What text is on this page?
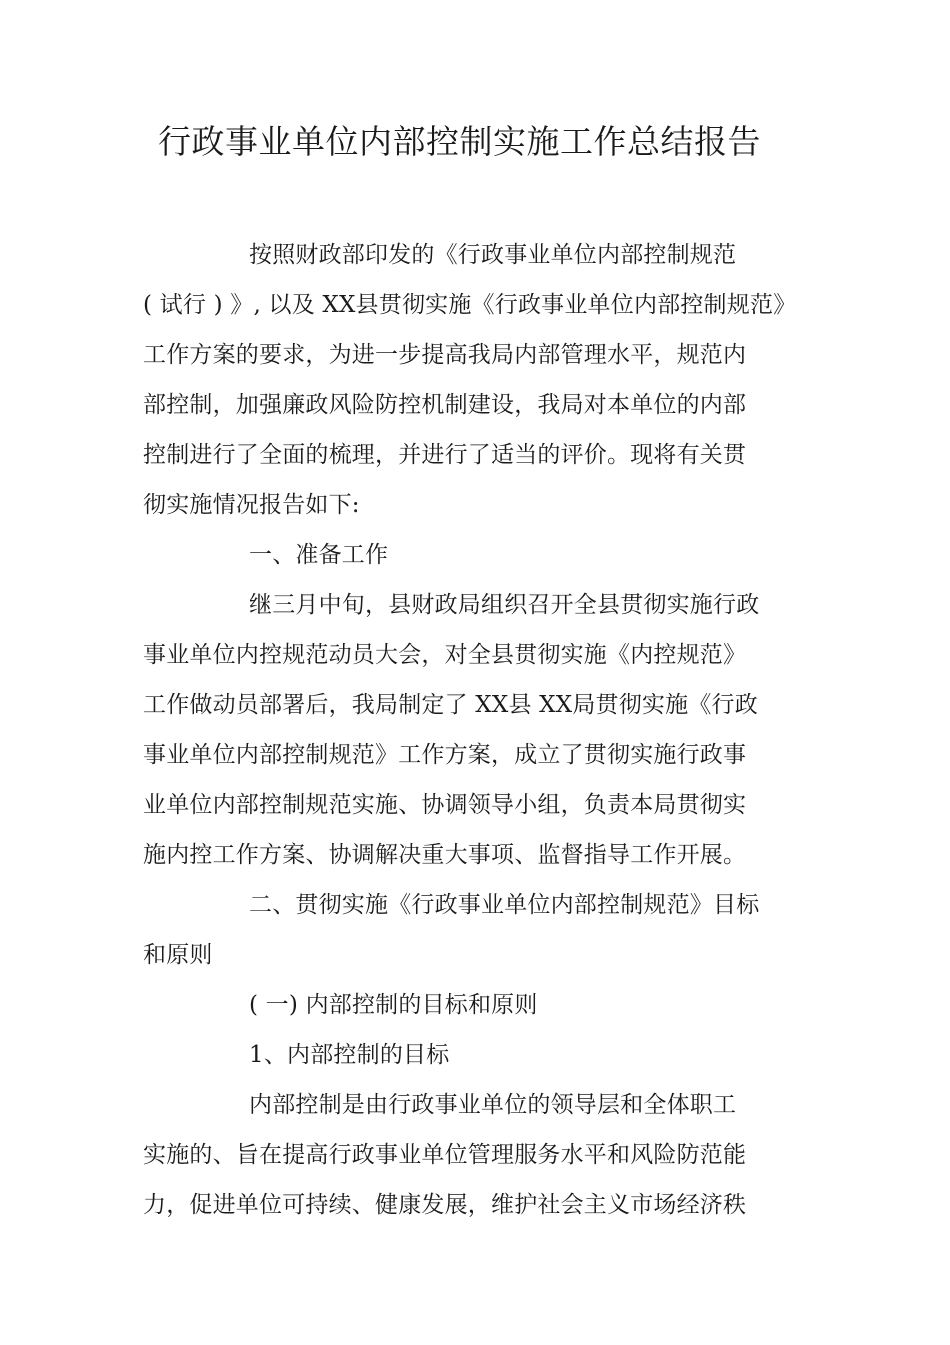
行政事业单位内部控制实施工作总结报告
按照财政部印发的《行政事业单位内部控制规范
( 试行 ) 》, 以及 XX县贯彻实施《行政事业单位内部控制规范》
工作方案的要求，为进一步提高我局内部管理水平，规范内
部控制，加强廉政风险防控机制建设，我局对本单位的内部
控制进行了全面的梳理，并进行了适当的评价。现将有关贯
彻实施情况报告如下:
一、准备工作
继三月中旬，县财政局组织召开全县贯彻实施行政
事业单位内控规范动员大会，对全县贯彻实施《内控规范》
工作做动员部署后，我局制定了 XX县 XX局贯彻实施《行政
事业单位内部控制规范》工作方案，成立了贯彻实施行政事
业单位内部控制规范实施、协调领导小组，负责本局贯彻实
施内控工作方案、协调解决重大事项、监督指导工作开展。
二、贯彻实施《行政事业单位内部控制规范》目标
和原则
( 一) 内部控制的目标和原则
1、内部控制的目标
内部控制是由行政事业单位的领导层和全体职工
实施的、旨在提高行政事业单位管理服务水平和风险防范能
力，促进单位可持续、健康发展，维护社会主义市场经济秩
